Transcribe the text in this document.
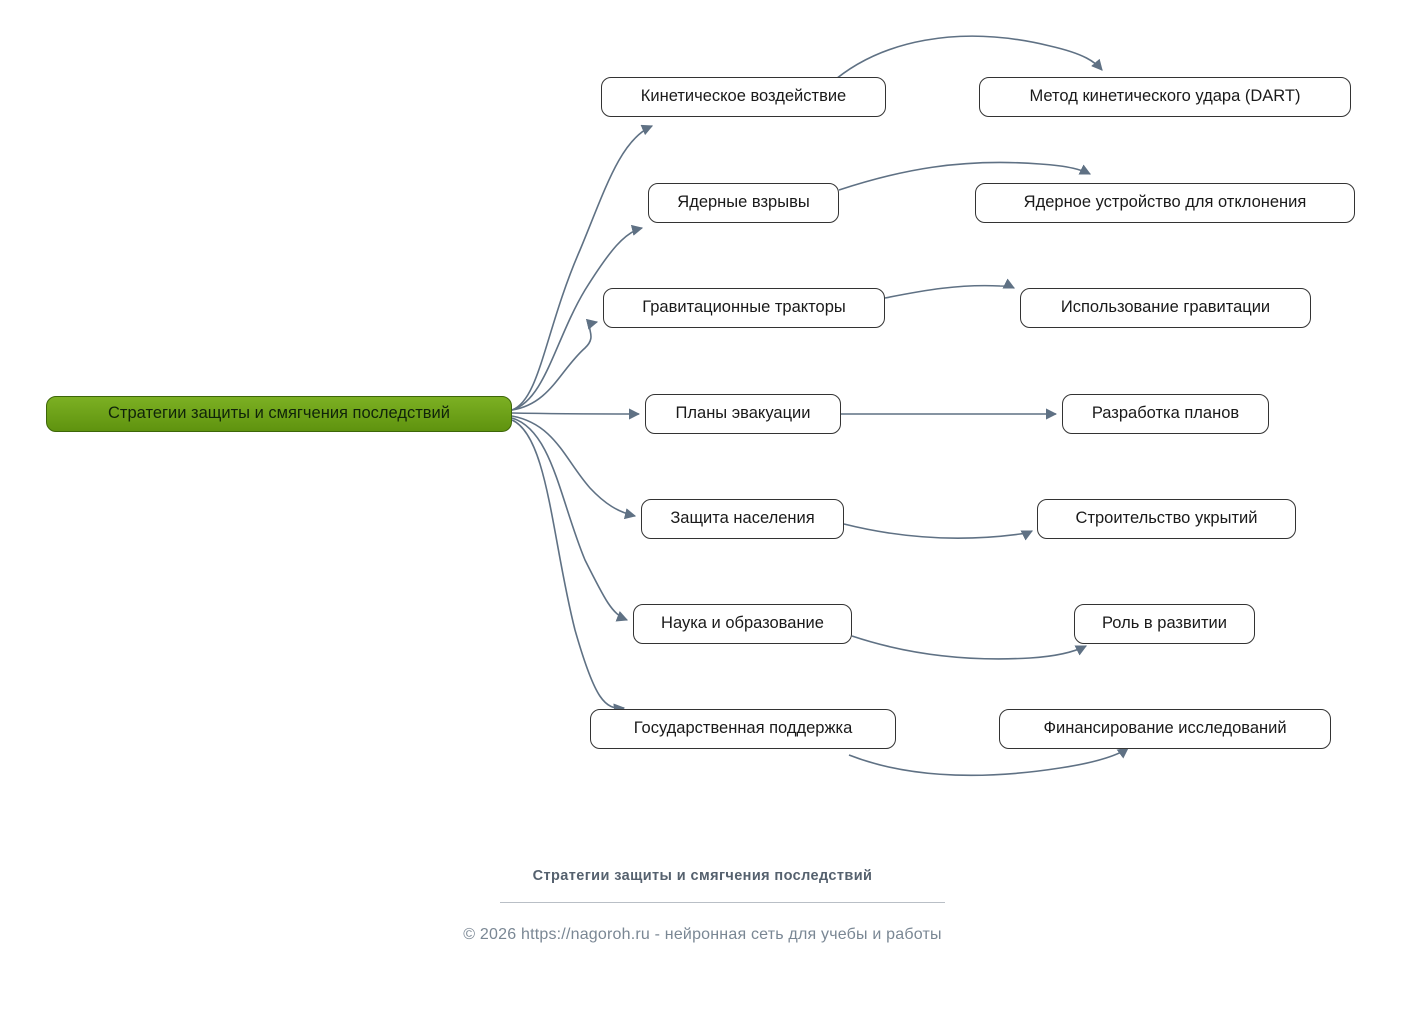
Стратегии защиты и смягчения последствий
Кинетическое воздействие	Метод кинетического удара (DART)
Ядерные взрывы	Ядерное устройство для отклонения
Гравитационные тракторы	Использование гравитации
Планы эвакуации	Разработка планов
Защита населения	Строительство укрытий
Наука и образование	Роль в развитии
Государственная поддержка	Финансирование исследований
Стратегии защиты и смягчения последствий
© 2026 https://nagoroh.ru - нейронная сеть для учебы и работы
